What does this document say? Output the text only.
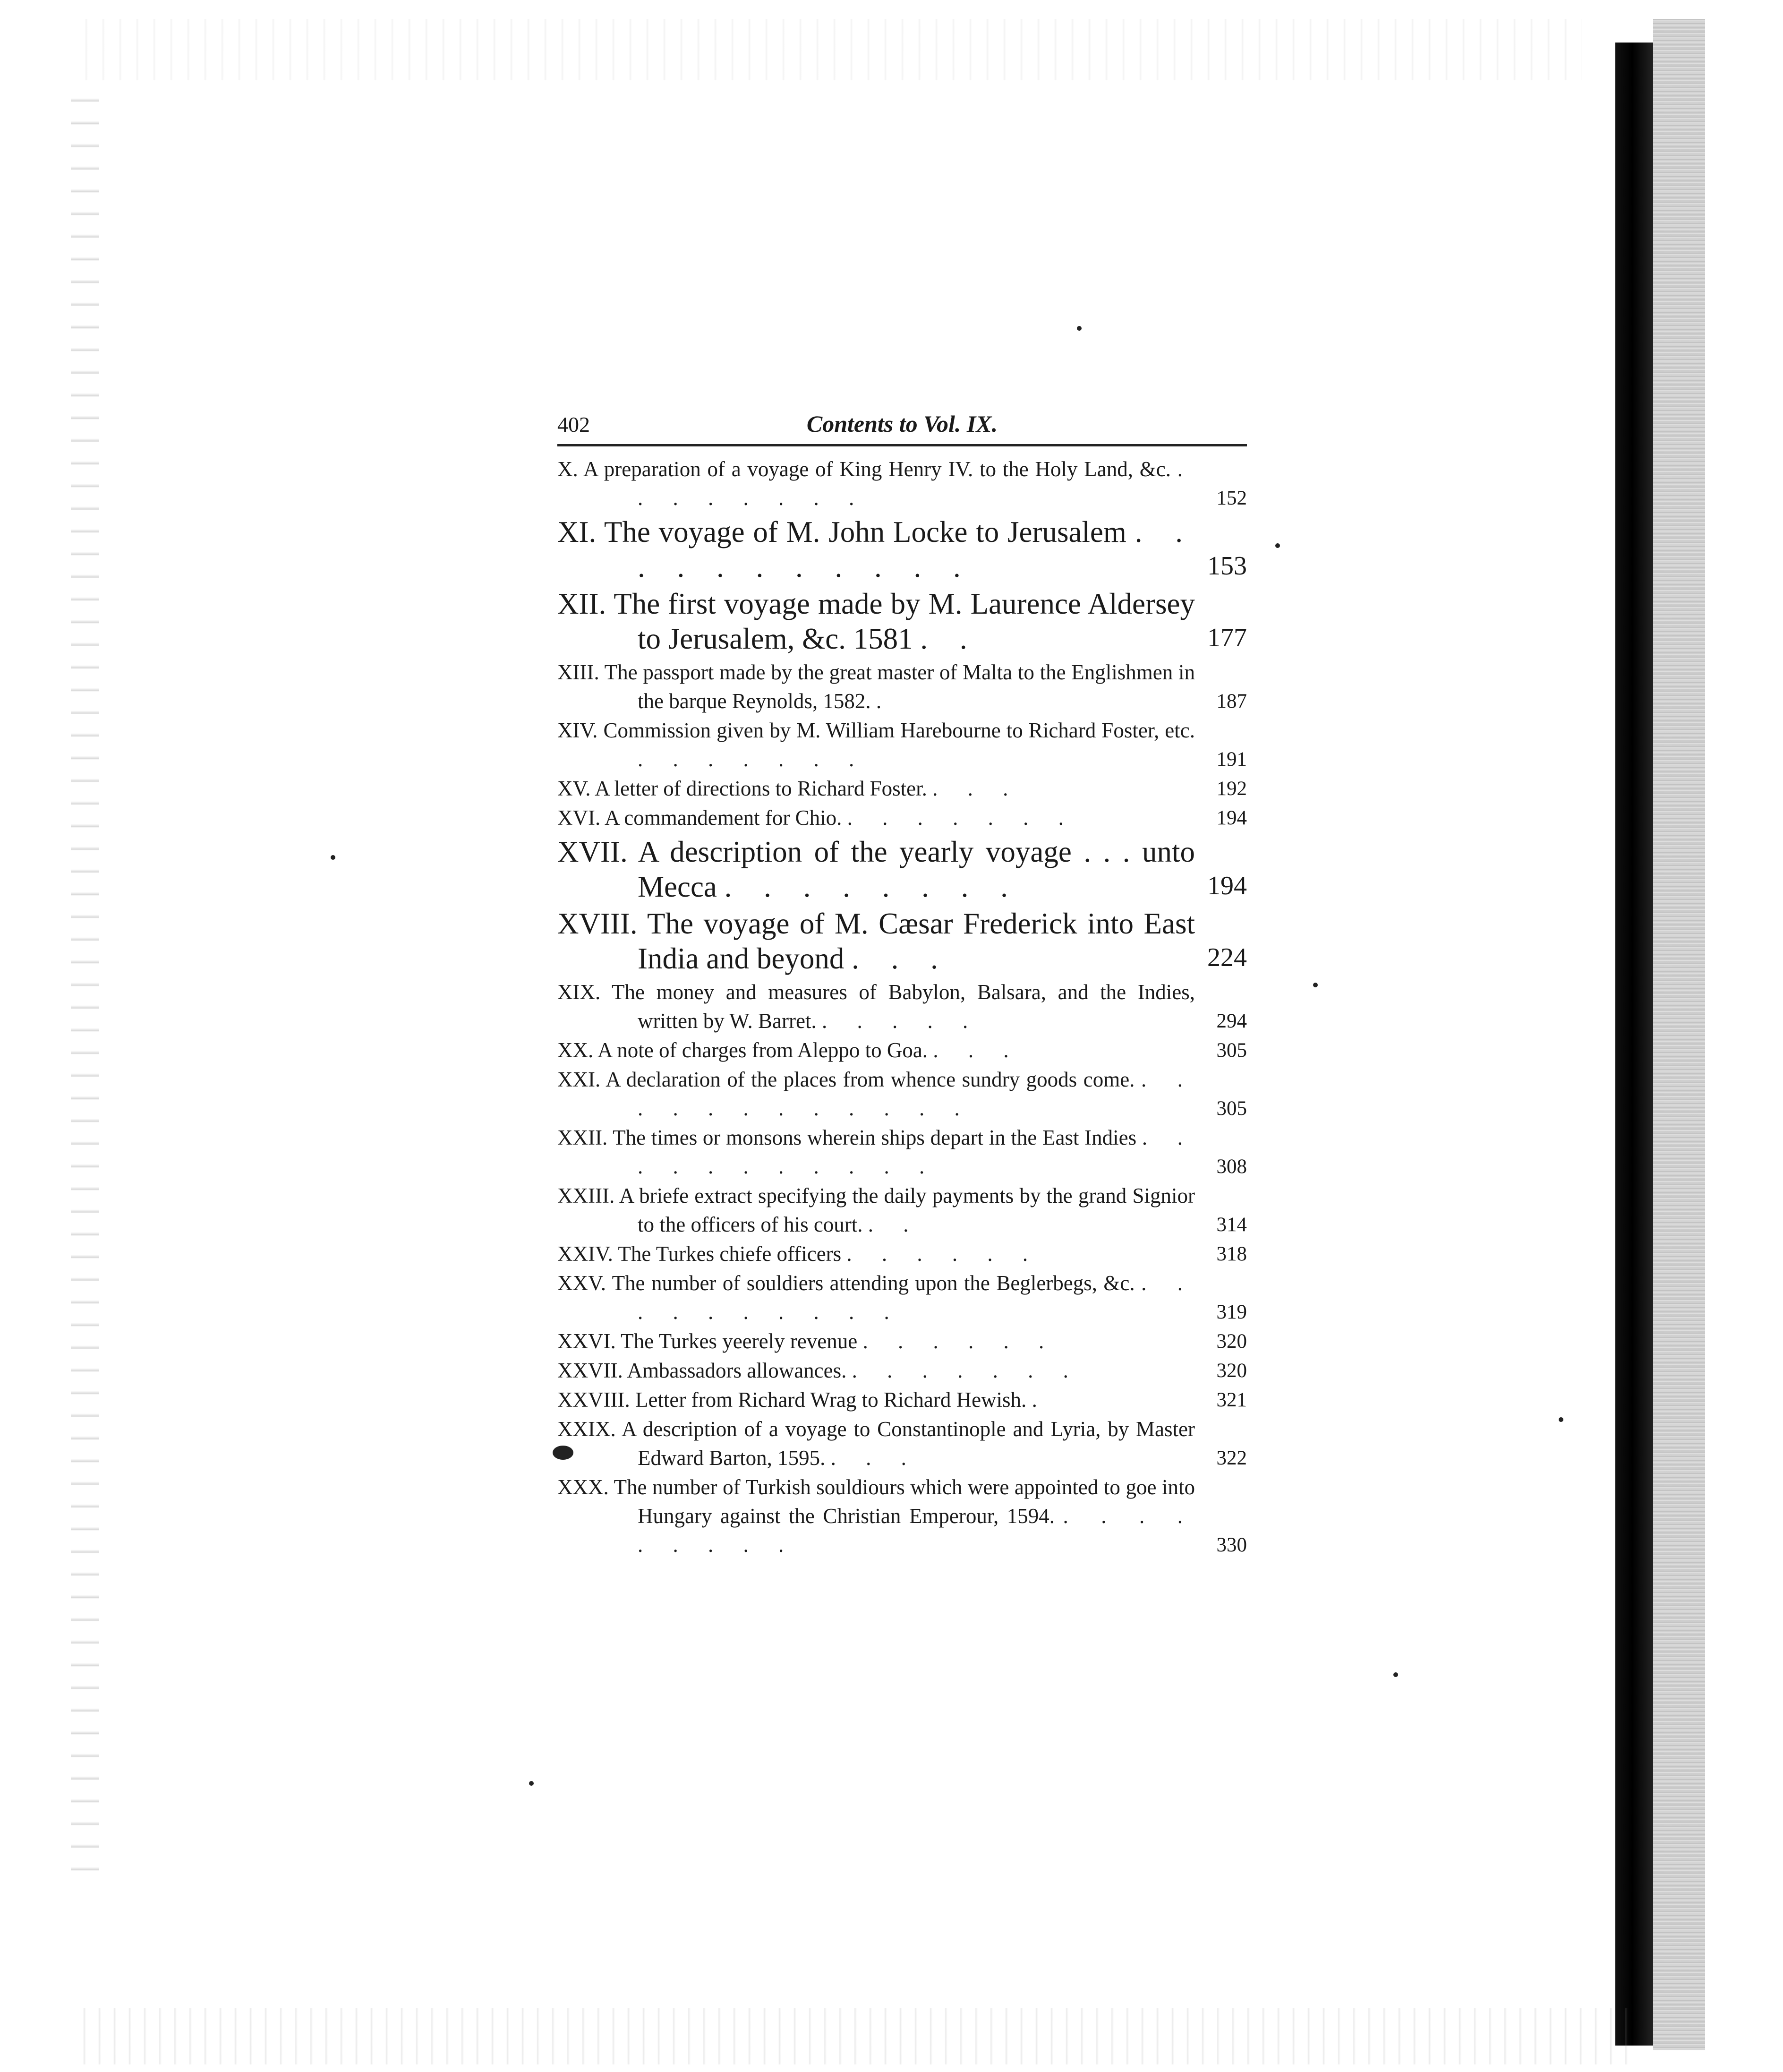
402	Contents to Vol. IX.
X. A preparation of a voyage of King Henry IV. to the Holy Land, &c. . . . . . . . .	152
XI. The voyage of M. John Locke to Jerusalem . . . . . . . . . . .	153
XII. The first voyage made by M. Laurence Aldersey to Jerusalem, &c. 1581 . .	177
XIII. The passport made by the great master of Malta to the Englishmen in the barque Reynolds, 1582. .	187
XIV. Commission given by M. William Harebourne to Richard Foster, etc. . . . . . . .	191
XV. A letter of directions to Richard Foster. . . .	192
XVI. A commandement for Chio. . . . . . . .	194
XVII. A description of the yearly voyage . . . unto Mecca . . . . . . . .	194
XVIII. The voyage of M. Cæsar Frederick into East India and beyond . . .	224
XIX. The money and measures of Babylon, Balsara, and the Indies, written by W. Barret. . . . . .	294
XX. A note of charges from Aleppo to Goa. . . .	305
XXI. A declaration of the places from whence sundry goods come. . . . . . . . . . . . .	305
XXII. The times or monsons wherein ships depart in the East Indies . . . . . . . . . . .	308
XXIII. A briefe extract specifying the daily payments by the grand Signior to the officers of his court. . .	314
XXIV. The Turkes chiefe officers . . . . . .	318
XXV. The number of souldiers attending upon the Beglerbegs, &c. . . . . . . . . . .	319
XXVI. The Turkes yeerely revenue . . . . . .	320
XXVII. Ambassadors allowances. . . . . . . .	320
XXVIII. Letter from Richard Wrag to Richard Hewish. .	321
XXIX. A description of a voyage to Constantinople and Lyria, by Master Edward Barton, 1595. . . .	322
XXX. The number of Turkish souldiours which were appointed to goe into Hungary against the Christian Emperour, 1594. . . . . . . . . .	330
